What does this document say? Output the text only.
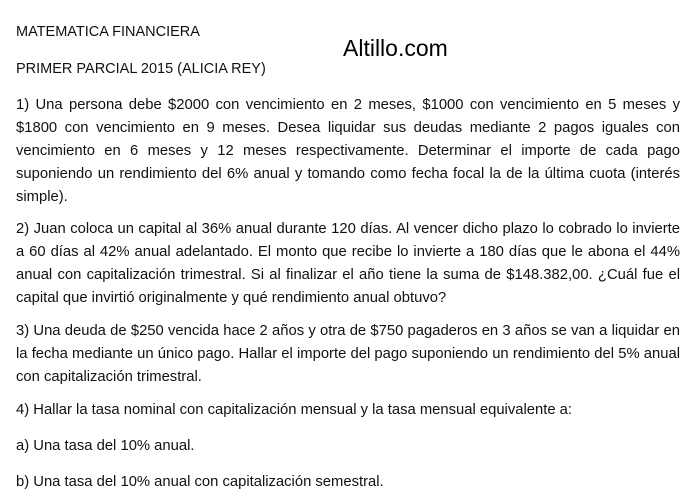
MATEMATICA FINANCIERA
PRIMER PARCIAL 2015 (ALICIA REY)
Altillo.com

1) Una persona debe $2000 con vencimiento en 2 meses, $1000 con vencimiento en 5 meses y $1800 con vencimiento en 9 meses. Desea liquidar sus deudas mediante 2 pagos iguales con vencimiento en 6 meses y 12 meses respectivamente. Determinar el importe de cada pago suponiendo un rendimiento del 6% anual y tomando como fecha focal la de la última cuota (interés simple).

2) Juan coloca un capital al 36% anual durante 120 días. Al vencer dicho plazo lo cobrado lo invierte a 60 días al 42% anual adelantado. El monto que recibe lo invierte a 180 días que le abona el 44% anual con capitalización trimestral. Si al finalizar el año tiene la suma de $148.382,00. ¿Cuál fue el capital que invirtió originalmente y qué rendimiento anual obtuvo?

3) Una deuda de $250 vencida hace 2 años y otra de $750 pagaderos en 3 años se van a liquidar en la fecha mediante un único pago. Hallar el importe del pago suponiendo un rendimiento del 5% anual con capitalización trimestral.

4) Hallar la tasa nominal con capitalización mensual y la tasa mensual equivalente a:

a) Una tasa del 10% anual.

b) Una tasa del 10% anual con capitalización semestral.
